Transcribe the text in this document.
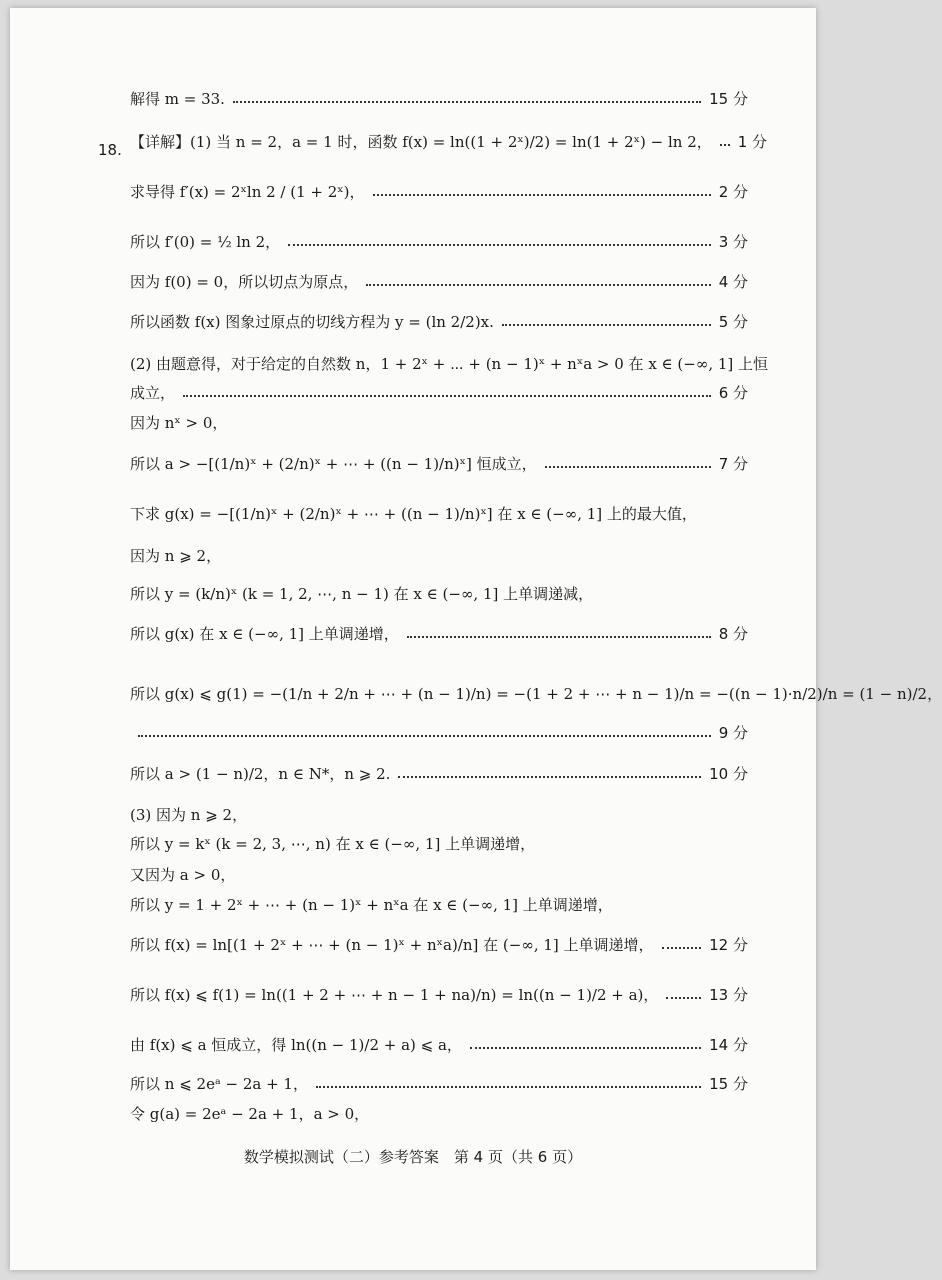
18.
解得 m = 33.	15 分
【详解】(1) 当 n = 2，a = 1 时，函数 f(x) = ln((1 + 2ˣ)/2) = ln(1 + 2ˣ) − ln 2， 1 分
求导得 f′(x) = 2ˣln 2 / (1 + 2ˣ)，	2 分
所以 f′(0) = ½ ln 2，	3 分
因为 f(0) = 0，所以切点为原点，	4 分
所以函数 f(x) 图象过原点的切线方程为 y = (ln 2/2)x.	5 分
(2) 由题意得，对于给定的自然数 n，1 + 2ˣ + ⋯ + (n − 1)ˣ + nˣa > 0 在 x ∈ (−∞, 1] 上恒
成立，	6 分
因为 nˣ > 0，
所以 a > −[(1/n)ˣ + (2/n)ˣ + ⋯ + ((n − 1)/n)ˣ] 恒成立，	7 分
下求 g(x) = −[(1/n)ˣ + (2/n)ˣ + ⋯ + ((n − 1)/n)ˣ] 在 x ∈ (−∞, 1] 上的最大值，
因为 n ⩾ 2，
所以 y = (k/n)ˣ (k = 1, 2, ⋯, n − 1) 在 x ∈ (−∞, 1] 上单调递减，
所以 g(x) 在 x ∈ (−∞, 1] 上单调递增，	8 分
所以 g(x) ⩽ g(1) = −(1/n + 2/n + ⋯ + (n − 1)/n) = −(1 + 2 + ⋯ + n − 1)/n = −((n − 1)·n/2)/n = (1 − n)/2，
9 分
所以 a > (1 − n)/2，n ∈ N*，n ⩾ 2.	10 分
(3) 因为 n ⩾ 2，
所以 y = kˣ (k = 2, 3, ⋯, n) 在 x ∈ (−∞, 1] 上单调递增，
又因为 a > 0，
所以 y = 1 + 2ˣ + ⋯ + (n − 1)ˣ + nˣa 在 x ∈ (−∞, 1] 上单调递增，
所以 f(x) = ln[(1 + 2ˣ + ⋯ + (n − 1)ˣ + nˣa)/n] 在 (−∞, 1] 上单调递增，	12 分
所以 f(x) ⩽ f(1) = ln((1 + 2 + ⋯ + n − 1 + na)/n) = ln((n − 1)/2 + a)，	13 分
由 f(x) ⩽ a 恒成立，得 ln((n − 1)/2 + a) ⩽ a，	14 分
所以 n ⩽ 2eᵃ − 2a + 1，	15 分
令 g(a) = 2eᵃ − 2a + 1，a > 0，
数学模拟测试（二）参考答案　第 4 页（共 6 页）
